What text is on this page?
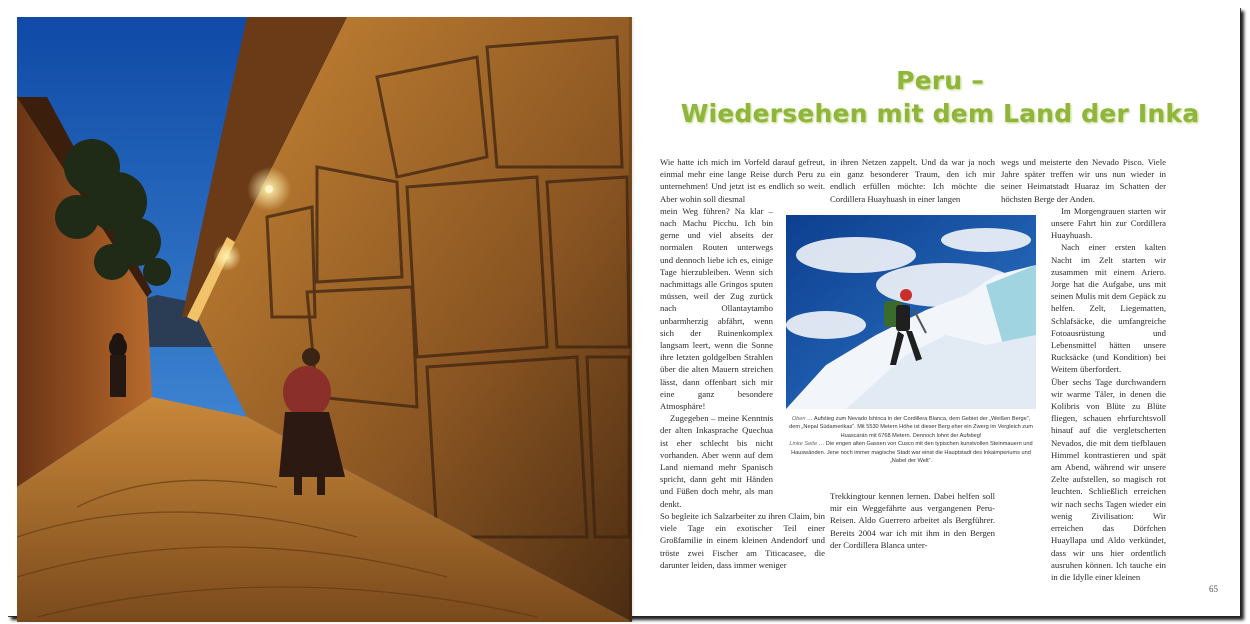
Peru –
Wiedersehen mit dem Land der Inka

Wie hatte ich mich im Vorfeld darauf gefreut, einmal mehr eine lange Reise durch Peru zu unternehmen! Und jetzt ist es endlich so weit. Aber wohin soll diesmal

mein Weg führen? Na klar – nach Machu Picchu. Ich bin gerne und viel abseits der normalen Routen unterwegs und dennoch liebe ich es, einige Tage hierzubleiben. Wenn sich nachmittags alle Gringos sputen müssen, weil der Zug zurück nach Ollantaytambo unbarmherzig abfährt, wenn sich der Ruinenkomplex langsam leert, wenn die Sonne ihre letzten goldgelben Strahlen über die alten Mauern streichen lässt, dann offenbart sich mir eine ganz besondere Atmosphäre!

Zugegeben – meine Kenntnis der alten Inkasprache Quechua ist eher schlecht bis nicht vorhanden. Aber wenn auf dem Land niemand mehr Spanisch spricht, dann geht mit Händen und Füßen doch mehr, als man denkt.

So begleite ich Salzarbeiter zu ihren Claim, bin viele Tage ein exotischer Teil einer Großfamilie in einem kleinen Andendorf und tröste zwei Fischer am Titicacasee, die darunter leiden, dass immer weniger

in ihren Netzen zappelt. Und da war ja noch ein ganz besonderer Traum, den ich mir endlich erfüllen möchte: Ich möchte die Cordillera Huayhuash in einer langen

Oben … Aufstieg zum Nevado Ishinca in der Cordillera Blanca, dem Gebiet der „Weißen Berge“, dem „Nepal Südamerikas“. Mit 5530 Metern Höhe ist dieser Berg eher ein Zwerg im Vergleich zum Huascarán mit 6768 Metern. Dennoch lohnt der Aufstieg!

Linke Seite … Die engen alten Gassen von Cusco mit den typischen kunstvollen Steinmauern und Hauswänden. Jene noch immer magische Stadt war einst die Hauptstadt des Inkaimperiums und „Nabel der Welt“.

Trekkingtour kennen lernen. Dabei helfen soll mir ein Weggefährte aus vergangenen Peru-Reisen. Aldo Guerrero arbeitet als Bergführer. Bereits 2004 war ich mit ihm in den Bergen der Cordillera Blanca unter-

wegs und meisterte den Nevado Pisco. Viele Jahre später treffen wir uns nun wieder in seiner Heimatstadt Huaraz im Schatten der höchsten Berge der Anden.

Im Morgengrauen starten wir unsere Fahrt hin zur Cordillera Huayhuash.

Nach einer ersten kalten Nacht im Zelt starten wir zusammen mit einem Ariero. Jorge hat die Aufgabe, uns mit seinen Mulis mit dem Gepäck zu helfen. Zelt, Liegematten, Schlafsäcke, die umfangreiche Fotoausrüstung und Lebensmittel hätten unsere Rucksäcke (und Kondition) bei Weitem überfordert.

Über sechs Tage durchwandern wir warme Täler, in denen die Kolibris von Blüte zu Blüte fliegen, schauen ehrfurchtsvoll hinauf auf die vergletscherten Nevados, die mit dem tiefblauen Himmel kontrastieren und spät am Abend, während wir unsere Zelte aufstellen, so magisch rot leuchten. Schließlich erreichen wir nach sechs Tagen wieder ein wenig Zivilisation: Wir erreichen das Dörfchen Huayllapa und Aldo verkündet, dass wir uns hier ordentlich ausruhen können. Ich tauche ein in die Idylle einer kleinen

65
